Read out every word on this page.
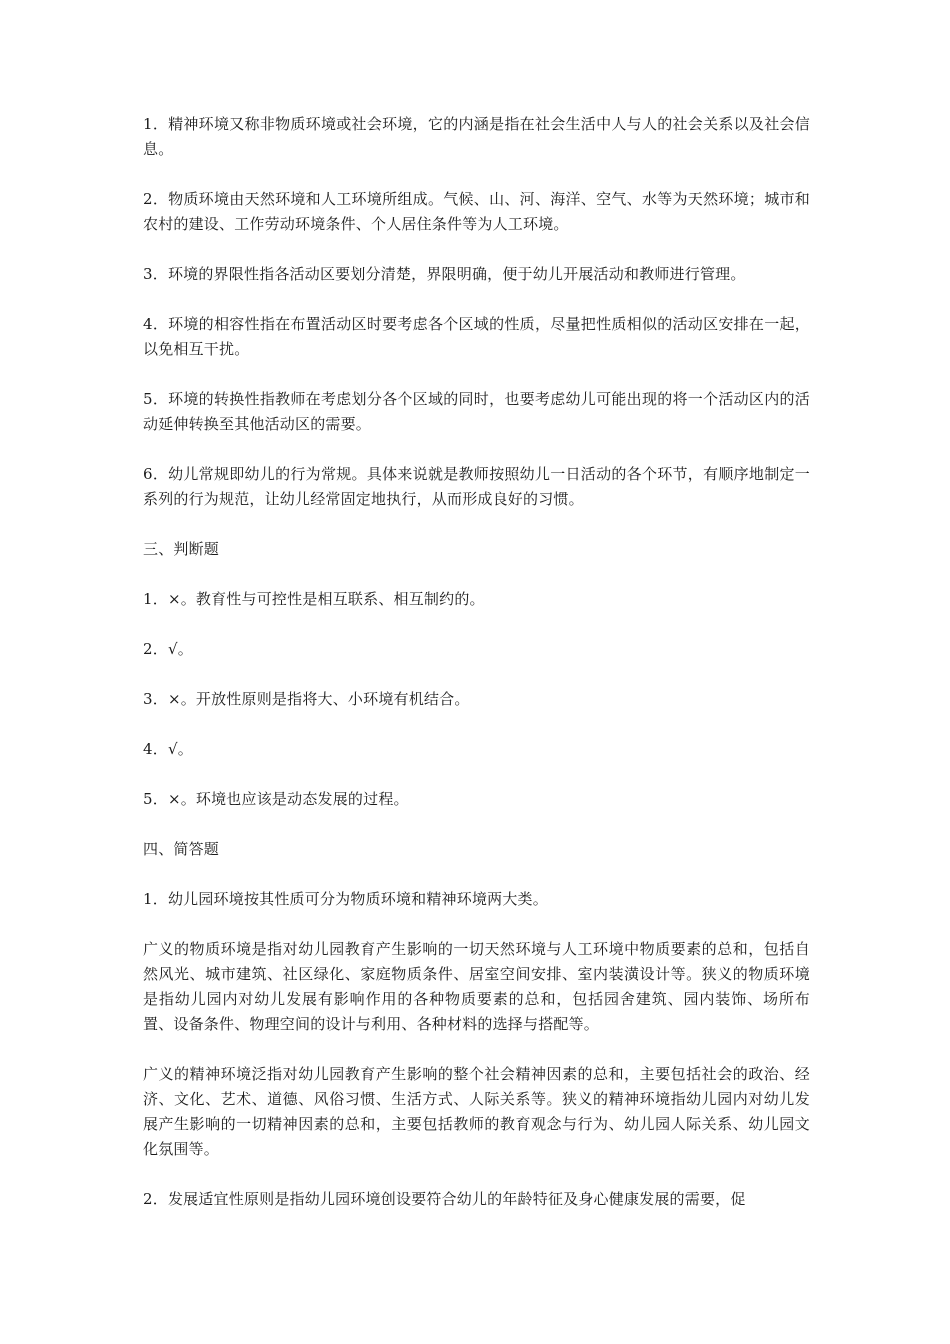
1．精神环境又称非物质环境或社会环境，它的内涵是指在社会生活中人与人的社会关系以及社会信息。

2．物质环境由天然环境和人工环境所组成。气候、山、河、海洋、空气、水等为天然环境；城市和农村的建设、工作劳动环境条件、个人居住条件等为人工环境。

3．环境的界限性指各活动区要划分清楚，界限明确，便于幼儿开展活动和教师进行管理。

4．环境的相容性指在布置活动区时要考虑各个区域的性质，尽量把性质相似的活动区安排在一起，以免相互干扰。

5．环境的转换性指教师在考虑划分各个区域的同时，也要考虑幼儿可能出现的将一个活动区内的活动延伸转换至其他活动区的需要。

6．幼儿常规即幼儿的行为常规。具体来说就是教师按照幼儿一日活动的各个环节，有顺序地制定一系列的行为规范，让幼儿经常固定地执行，从而形成良好的习惯。

三、判断题

1．×。教育性与可控性是相互联系、相互制约的。

2．√。

3．×。开放性原则是指将大、小环境有机结合。

4．√。

5．×。环境也应该是动态发展的过程。

四、简答题

1．幼儿园环境按其性质可分为物质环境和精神环境两大类。

广义的物质环境是指对幼儿园教育产生影响的一切天然环境与人工环境中物质要素的总和，包括自然风光、城市建筑、社区绿化、家庭物质条件、居室空间安排、室内装潢设计等。狭义的物质环境是指幼儿园内对幼儿发展有影响作用的各种物质要素的总和，包括园舍建筑、园内装饰、场所布置、设备条件、物理空间的设计与利用、各种材料的选择与搭配等。

广义的精神环境泛指对幼儿园教育产生影响的整个社会精神因素的总和，主要包括社会的政治、经济、文化、艺术、道德、风俗习惯、生活方式、人际关系等。狭义的精神环境指幼儿园内对幼儿发展产生影响的一切精神因素的总和，主要包括教师的教育观念与行为、幼儿园人际关系、幼儿园文化氛围等。

2．发展适宜性原则是指幼儿园环境创设要符合幼儿的年龄特征及身心健康发展的需要，促
